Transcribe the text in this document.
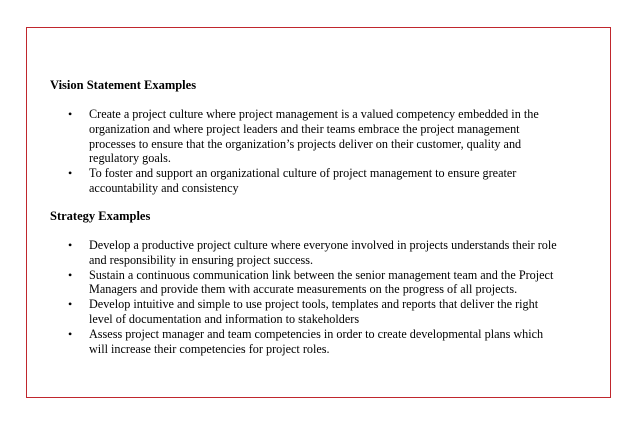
Vision Statement Examples
• Create a project culture where project management is a valued competency embedded in the organization and where project leaders and their teams embrace the project management processes to ensure that the organization’s projects deliver on their customer, quality and regulatory goals.
• To foster and support an organizational culture of project management to ensure greater accountability and consistency
Strategy Examples
• Develop a productive project culture where everyone involved in projects understands their role and responsibility in ensuring project success.
• Sustain a continuous communication link between the senior management team and the Project Managers and provide them with accurate measurements on the progress of all projects.
• Develop intuitive and simple to use project tools, templates and reports that deliver the right level of documentation and information to stakeholders
• Assess project manager and team competencies in order to create developmental plans which will increase their competencies for project roles.
